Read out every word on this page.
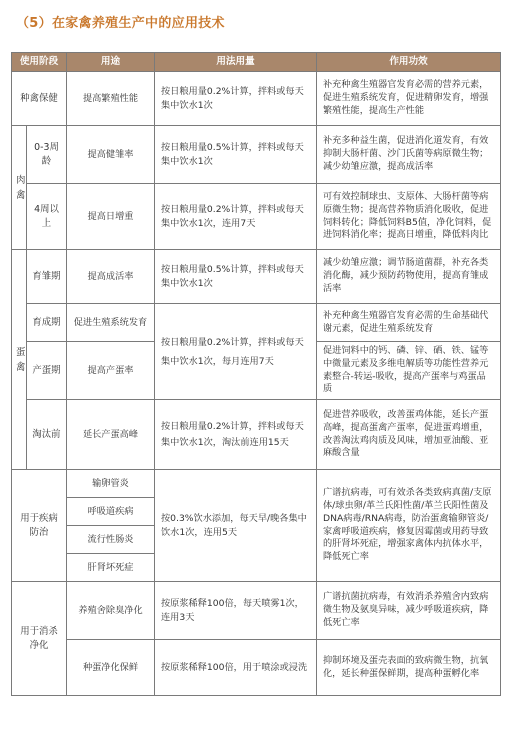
（5）在家禽养殖生产中的应用技术
使用阶段		用途	用法用量	作用功效
种禽保健		提高繁殖性能	按日粮用量0.2%计算，拌料或每天集中饮水1次	补充种禽生殖器官发育必需的营养元素，促进生殖系统发育，促进精卵发育，增强繁殖性能，提高生产性能
肉禽	0-3周龄	提高健雏率	按日粮用量0.5%计算，拌料或每天集中饮水1次	补充多种益生菌，促进消化道发育，有效抑制大肠杆菌、沙门氏菌等病原微生物；减少幼雏应激，提高成活率
	4周以上	提高日增重	按日粮用量0.2%计算，拌料或每天集中饮水1次，连用7天	可有效控制球虫、支原体、大肠杆菌等病原微生物；提高营养物质消化吸收，促进饲料转化；降低饲料B5值，净化饲料，促进饲料消化率；提高日增重，降低料肉比
蛋禽	育雏期	提高成活率	按日粮用量0.5%计算，拌料或每天集中饮水1次	减少幼雏应激；调节肠道菌群，补充各类消化酶，减少预防药物使用，提高育雏成活率
	育成期	促进生殖系统发育	按日粮用量0.2%计算，拌料或每天集中饮水1次，每月连用7天	补充种禽生殖器官发育必需的生命基础代谢元素，促进生殖系统发育
	产蛋期	提高产蛋率		促进饲料中的钙、磷、锌、硒、铁、锰等中微量元素及多维电解质等功能性营养元素整合-转运-吸收，提高产蛋率与鸡蛋品质
	淘汰前	延长产蛋高峰	按日粮用量0.2%计算，拌料或每天集中饮水1次，淘汰前连用15天	促进营养吸收，改善蛋鸡体能，延长产蛋高峰，提高蛋禽产蛋率，促进蛋鸡增重，改善淘汰鸡肉质及风味，增加亚油酸、亚麻酸含量
用于疾病防治		输卵管炎	按0.3%饮水添加，每天早/晚各集中饮水1次，连用5天	广谱抗病毒，可有效杀各类致病真菌/支原体/球虫卵/革兰氏阳性菌/革兰氏阳性菌及DNA病毒/RNA病毒，防治蛋禽输卵管炎/家禽呼吸道疾病，修复因霉菌或用药导致的肝肾坏死症，增强家禽体内抗体水平，降低死亡率
		呼吸道疾病		
		流行性肠炎		
		肝肾坏死症		
用于消杀净化		养殖舍除臭净化	按原浆稀释100倍，每天喷雾1次，连用3天	广谱抗菌抗病毒，有效消杀养殖舍内致病微生物及氨臭异味，减少呼吸道疾病，降低死亡率
		种蛋净化保鲜	按原浆稀释100倍，用于喷涂或浸洗	抑制环境及蛋壳表面的致病微生物，抗氧化，延长种蛋保鲜期，提高种蛋孵化率
